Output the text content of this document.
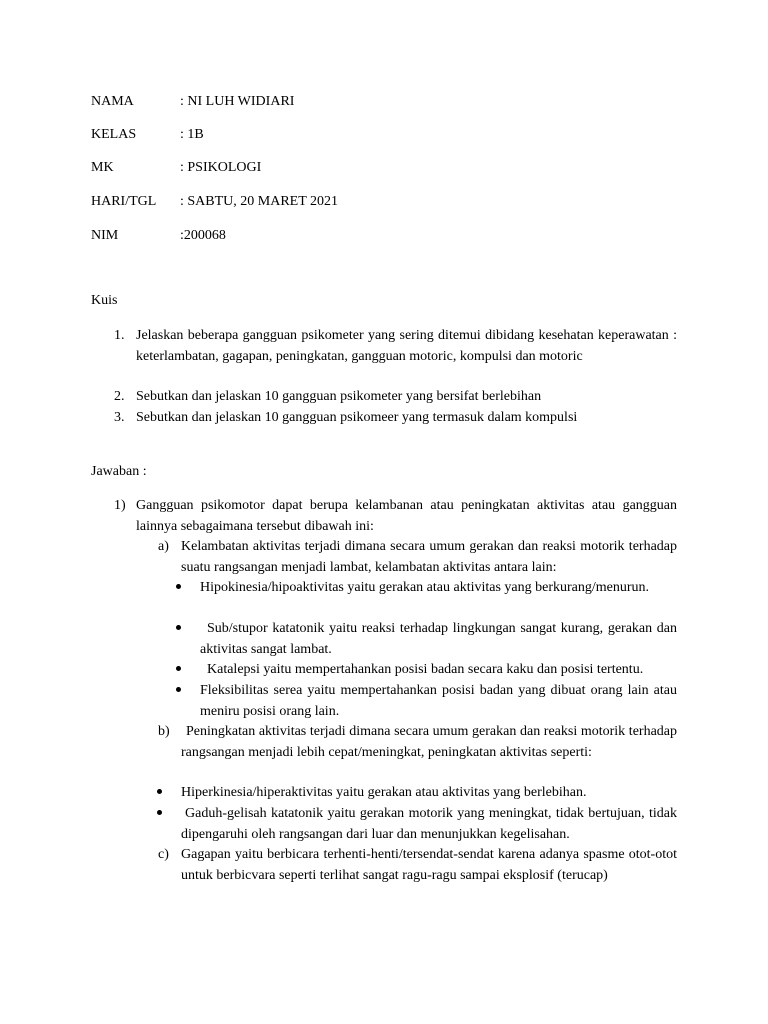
NAMA	: NI LUH WIDIARI
KELAS	: 1B
MK	: PSIKOLOGI
HARI/TGL : SABTU, 20 MARET 2021
NIM	:200068
Kuis
1. Jelaskan beberapa gangguan psikometer yang sering ditemui dibidang kesehatan keperawatan : keterlambatan, gagapan, peningkatan, gangguan motoric, kompulsi dan motoric
2. Sebutkan dan jelaskan 10 gangguan psikometer yang bersifat berlebihan
3. Sebutkan dan jelaskan 10 gangguan psikomeer yang termasuk dalam kompulsi
Jawaban :
1) Gangguan psikomotor dapat berupa kelambanan atau peningkatan aktivitas atau gangguan lainnya sebagaimana tersebut dibawah ini:
a) Kelambatan aktivitas terjadi dimana secara umum gerakan dan reaksi motorik terhadap suatu rangsangan menjadi lambat, kelambatan aktivitas antara lain:
Hipokinesia/hipoaktivitas yaitu gerakan atau aktivitas yang berkurang/menurun.
Sub/stupor katatonik yaitu reaksi terhadap lingkungan sangat kurang, gerakan dan aktivitas sangat lambat.
Katalepsi yaitu mempertahankan posisi badan secara kaku dan posisi tertentu.
Fleksibilitas serea yaitu mempertahankan posisi badan yang dibuat orang lain atau meniru posisi orang lain.
b)	Peningkatan aktivitas terjadi dimana secara umum gerakan dan reaksi motorik terhadap rangsangan menjadi lebih cepat/meningkat, peningkatan aktivitas seperti:
Hiperkinesia/hiperaktivitas yaitu gerakan atau aktivitas yang berlebihan.
Gaduh-gelisah katatonik yaitu gerakan motorik yang meningkat, tidak bertujuan, tidak dipengaruhi oleh rangsangan dari luar dan menunjukkan kegelisahan.
c) Gagapan yaitu berbicara terhenti-henti/tersendat-sendat karena adanya spasme otot-otot untuk berbicvara seperti terlihat sangat ragu-ragu sampai eksplosif (terucap)
